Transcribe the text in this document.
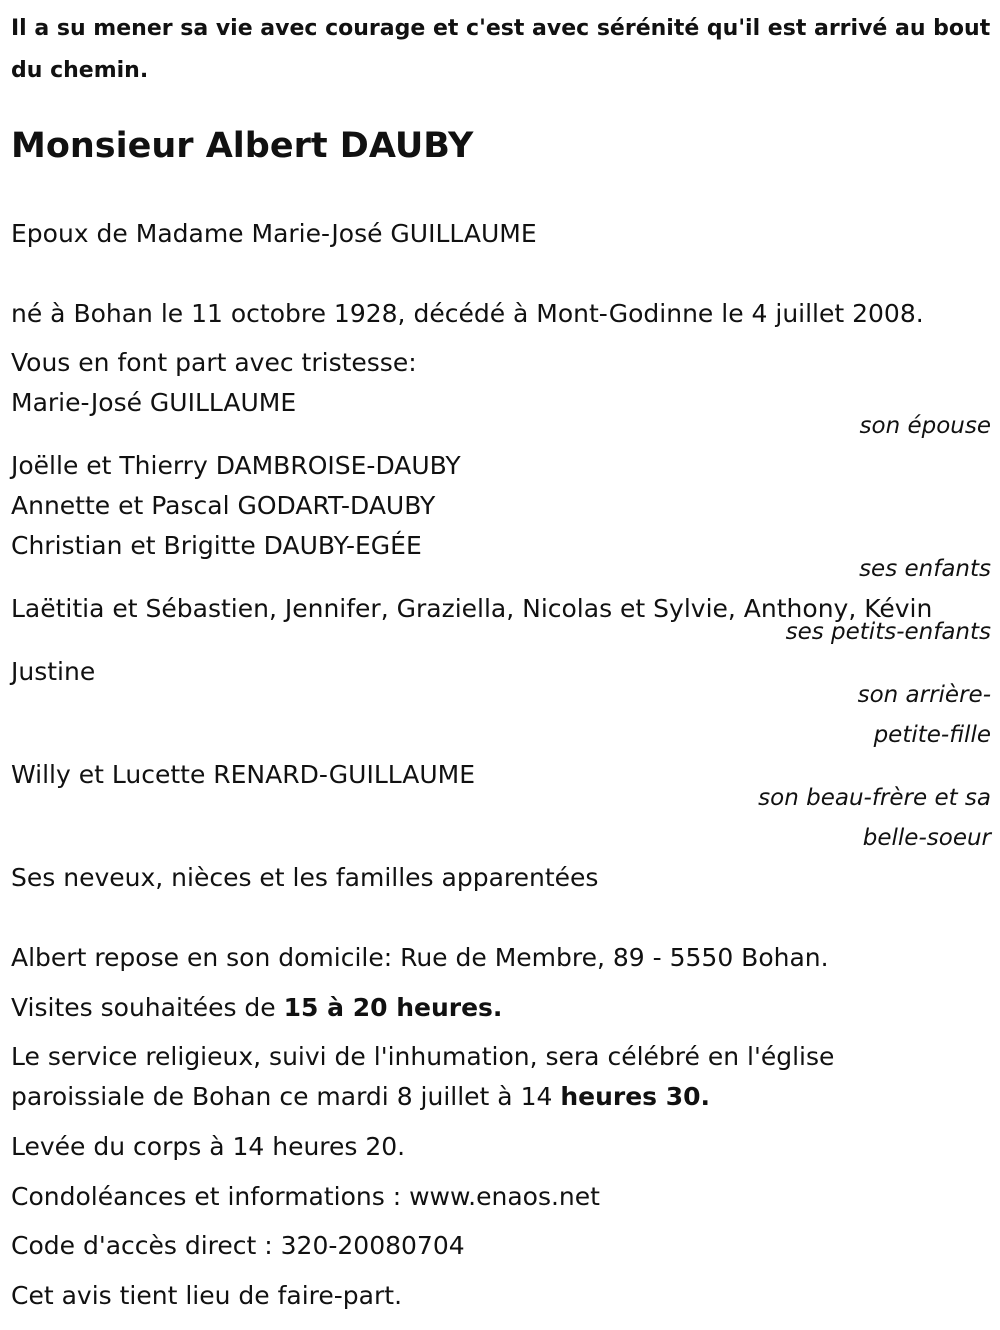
Il a su mener sa vie avec courage et c'est avec sérénité qu'il est arrivé au bout du chemin.
Monsieur Albert DAUBY
Epoux de Madame Marie-José GUILLAUME
né à Bohan le 11 octobre 1928, décédé à Mont-Godinne le 4 juillet 2008.
Vous en font part avec tristesse:
Marie-José GUILLAUME
son épouse
Joëlle et Thierry DAMBROISE-DAUBY
Annette et Pascal GODART-DAUBY
Christian et Brigitte DAUBY-EGÉE
ses enfants
Laëtitia et Sébastien, Jennifer, Graziella, Nicolas et Sylvie, Anthony, Kévin
ses petits-enfants
Justine
son arrière-petite-fille
Willy et Lucette RENARD-GUILLAUME
son beau-frère et sa belle-soeur
Ses neveux, nièces et les familles apparentées
Albert repose en son domicile: Rue de Membre, 89 - 5550 Bohan.
Visites souhaitées de 15 à 20 heures.
Le service religieux, suivi de l'inhumation, sera célébré en l'église paroissiale de Bohan ce mardi 8 juillet à 14 heures 30.
Levée du corps à 14 heures 20.
Condoléances et informations : www.enaos.net
Code d'accès direct : 320-20080704
Cet avis tient lieu de faire-part.
